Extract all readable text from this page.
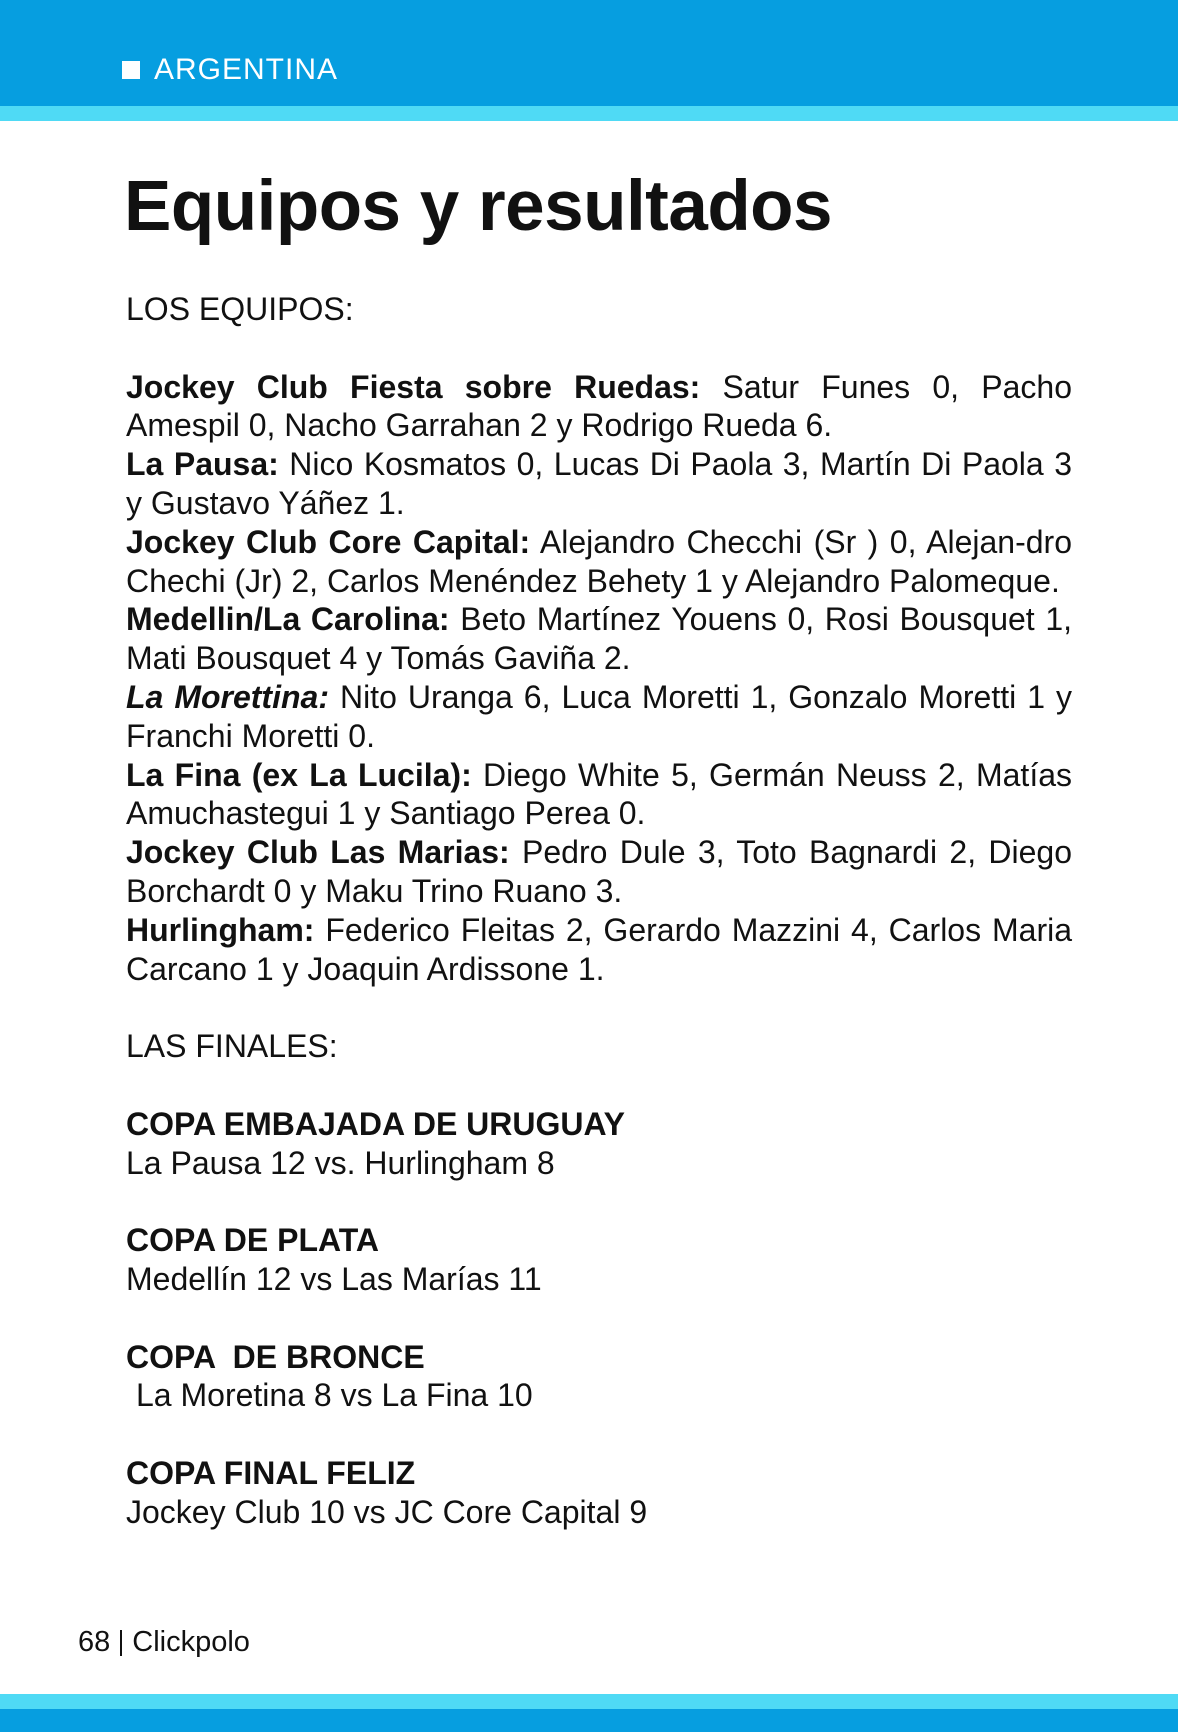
ARGENTINA
Equipos y resultados
LOS EQUIPOS:

Jockey Club Fiesta sobre Ruedas: Satur Funes 0, Pacho Amespil 0, Nacho Garrahan 2 y Rodrigo Rueda 6.

La Pausa: Nico Kosmatos 0, Lucas Di Paola 3, Martín Di Paola 3 y Gustavo Yáñez 1.

Jockey Club Core Capital: Alejandro Checchi (Sr ) 0, Alejan-dro Chechi (Jr) 2, Carlos Menéndez Behety 1 y Alejandro Palomeque.

Medellin/La Carolina: Beto Martínez Youens 0, Rosi Bousquet 1, Mati Bousquet 4 y Tomás Gaviña 2.

La Morettina: Nito Uranga 6, Luca Moretti 1, Gonzalo Moretti 1 y Franchi Moretti 0.

La Fina (ex La Lucila): Diego White 5, Germán Neuss 2, Matías Amuchastegui 1 y Santiago Perea 0.

Jockey Club Las Marias: Pedro Dule 3, Toto Bagnardi 2, Diego Borchardt 0 y Maku Trino Ruano 3.

Hurlingham: Federico Fleitas 2, Gerardo Mazzini 4, Carlos Maria Carcano 1 y Joaquin Ardissone 1.

LAS FINALES:
COPA EMBAJADA DE URUGUAY
La Pausa 12 vs. Hurlingham 8
COPA DE PLATA
Medellín 12 vs Las Marías 11
COPA  DE BRONCE
La Moretina 8 vs La Fina 10
COPA FINAL FELIZ
Jockey Club 10 vs JC Core Capital 9
68 Clickpolo
